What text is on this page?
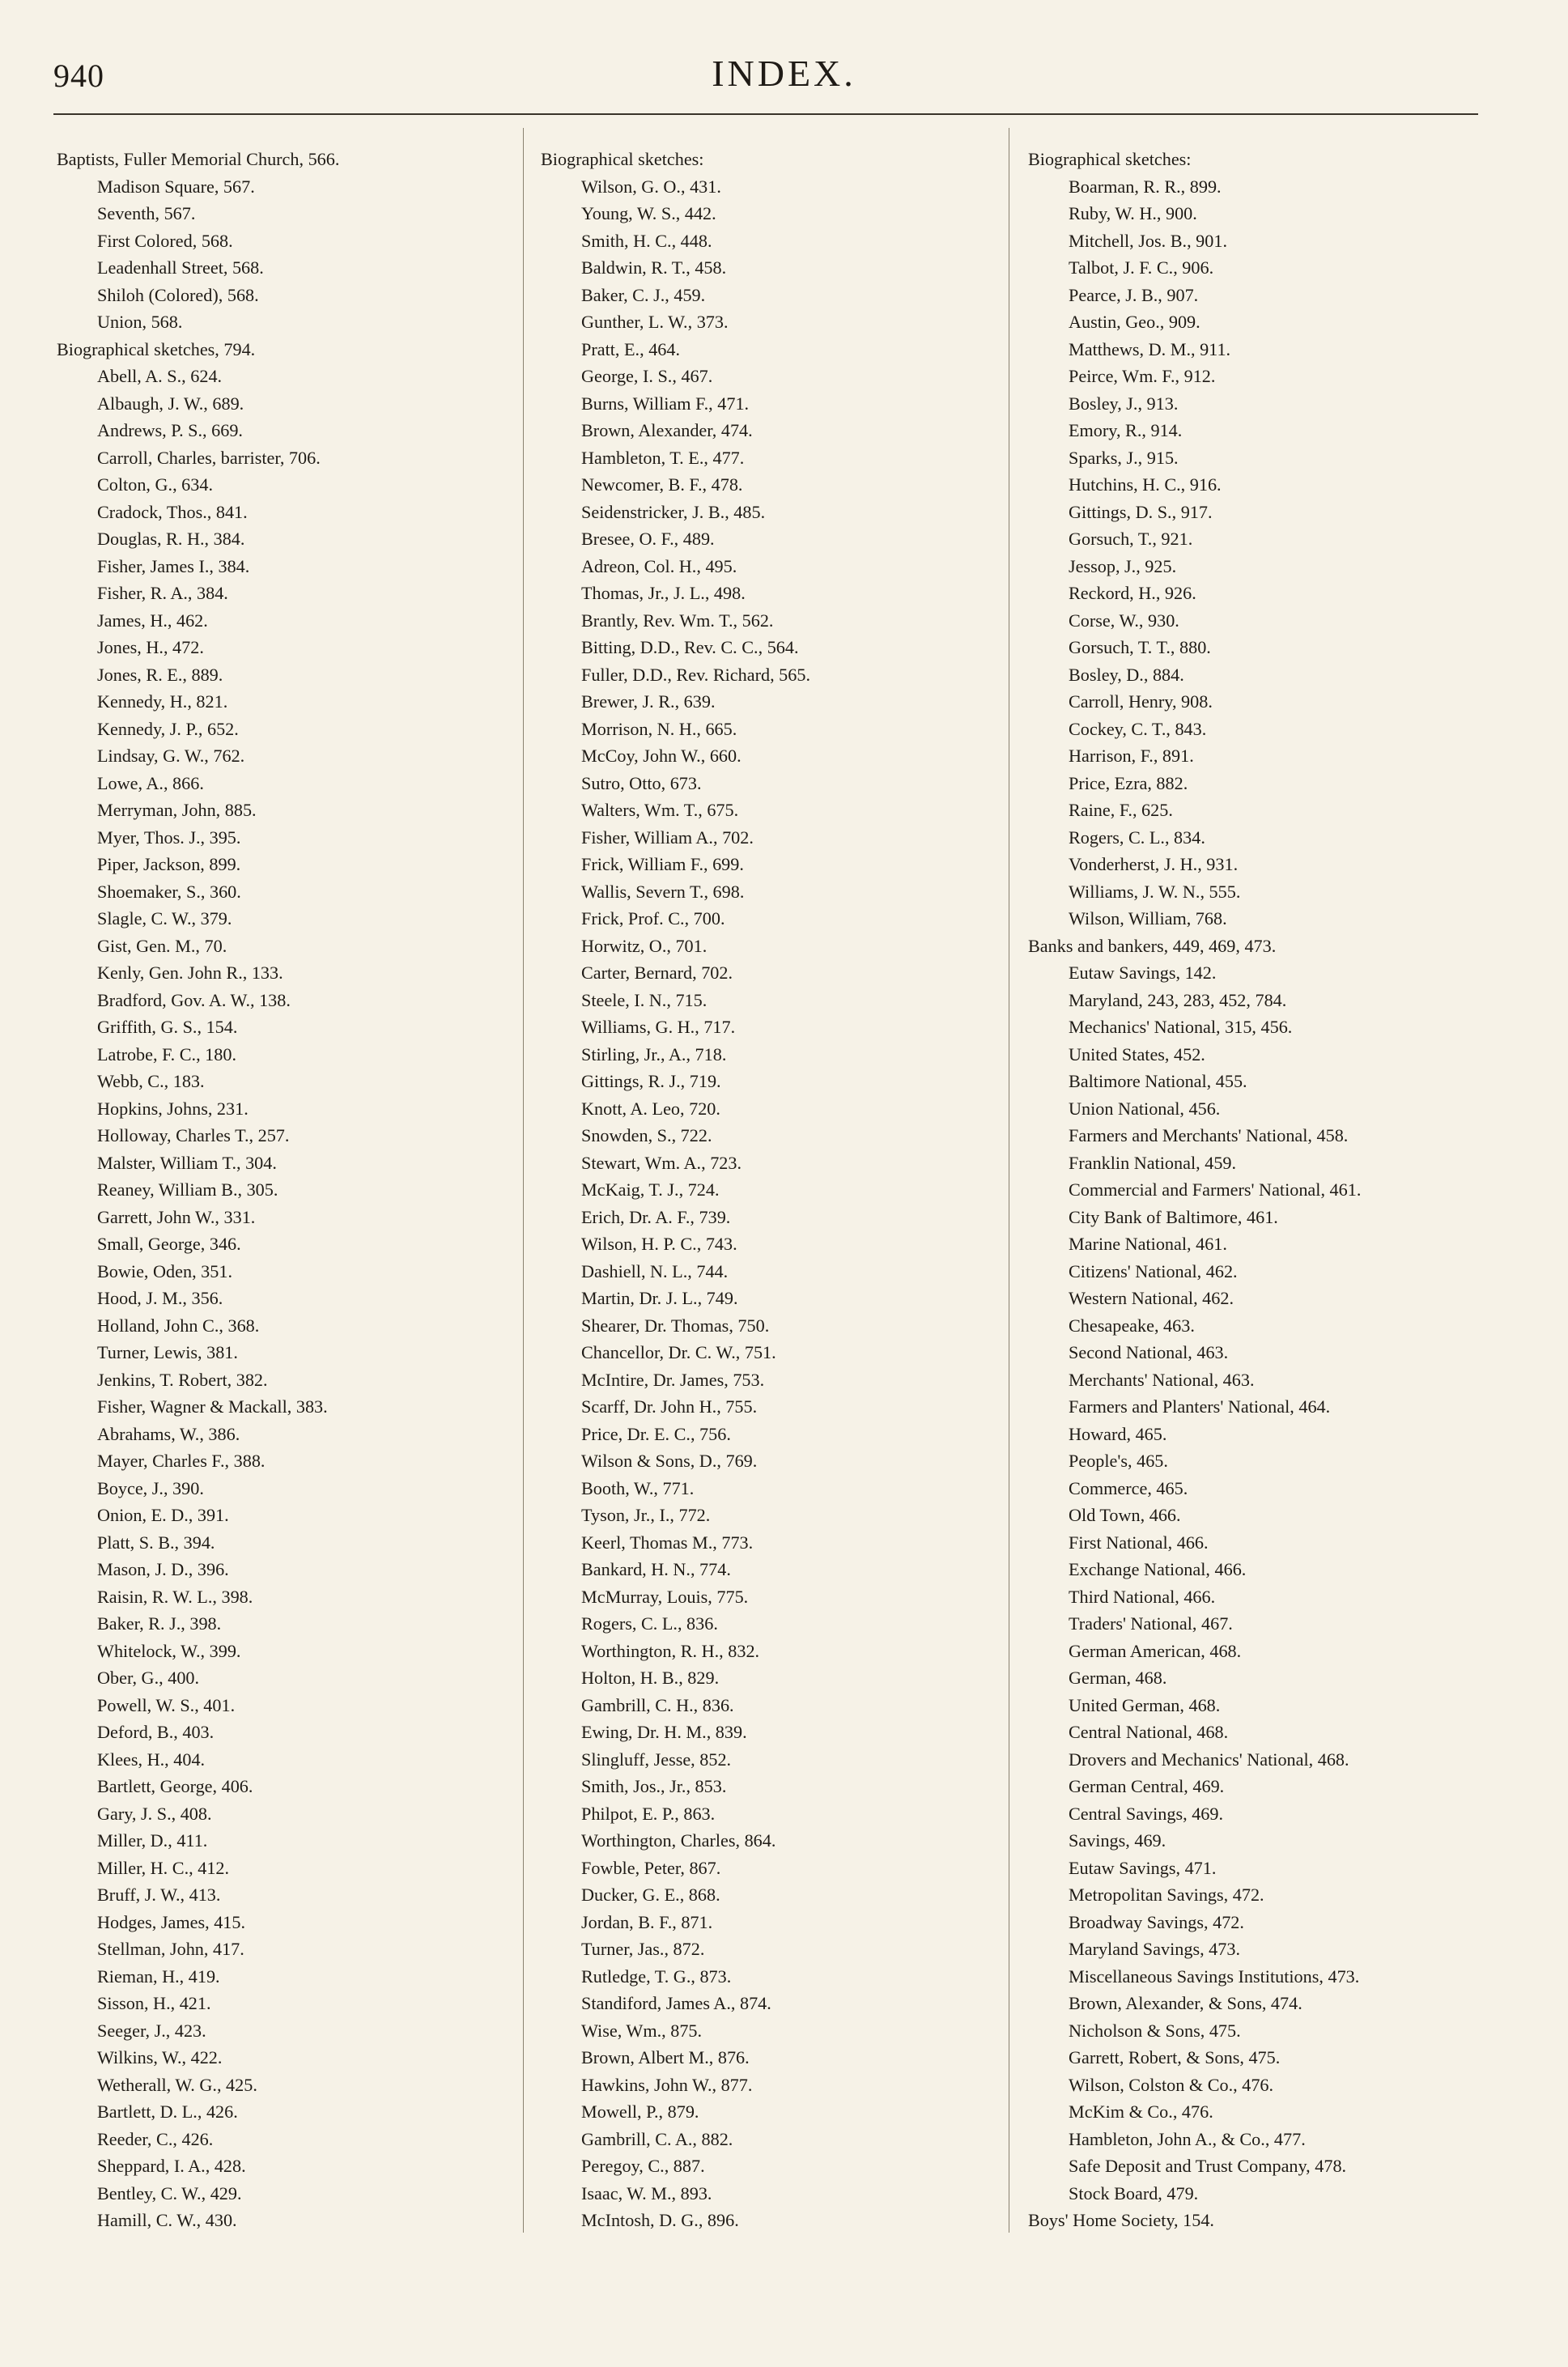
940	INDEX.
Baptists, Fuller Memorial Church, 566.
Madison Square, 567.
Seventh, 567.
First Colored, 568.
Leadenhall Street, 568.
Shiloh (Colored), 568.
Union, 568.
Biographical sketches, 794.
Abell, A. S., 624.
Albaugh, J. W., 689.
Andrews, P. S., 669.
Carroll, Charles, barrister, 706.
Colton, G., 634.
Cradock, Thos., 841.
Douglas, R. H., 384.
Fisher, James I., 384.
Fisher, R. A., 384.
James, H., 462.
Jones, H., 472.
Jones, R. E., 889.
Kennedy, H., 821.
Kennedy, J. P., 652.
Lindsay, G. W., 762.
Lowe, A., 866.
Merryman, John, 885.
Myer, Thos. J., 395.
Piper, Jackson, 899.
Shoemaker, S., 360.
Slagle, C. W., 379.
Gist, Gen. M., 70.
Kenly, Gen. John R., 133.
Bradford, Gov. A. W., 138.
Griffith, G. S., 154.
Latrobe, F. C., 180.
Webb, C., 183.
Hopkins, Johns, 231.
Holloway, Charles T., 257.
Malster, William T., 304.
Reaney, William B., 305.
Garrett, John W., 331.
Small, George, 346.
Bowie, Oden, 351.
Hood, J. M., 356.
Holland, John C., 368.
Turner, Lewis, 381.
Jenkins, T. Robert, 382.
Fisher, Wagner & Mackall, 383.
Abrahams, W., 386.
Mayer, Charles F., 388.
Boyce, J., 390.
Onion, E. D., 391.
Platt, S. B., 394.
Mason, J. D., 396.
Raisin, R. W. L., 398.
Baker, R. J., 398.
Whitelock, W., 399.
Ober, G., 400.
Powell, W. S., 401.
Deford, B., 403.
Klees, H., 404.
Bartlett, George, 406.
Gary, J. S., 408.
Miller, D., 411.
Miller, H. C., 412.
Bruff, J. W., 413.
Hodges, James, 415.
Stellman, John, 417.
Rieman, H., 419.
Sisson, H., 421.
Seeger, J., 423.
Wilkins, W., 422.
Wetherall, W. G., 425.
Bartlett, D. L., 426.
Reeder, C., 426.
Sheppard, I. A., 428.
Bentley, C. W., 429.
Hamill, C. W., 430.
Biographical sketches:
Wilson, G. O., 431.
Young, W. S., 442.
Smith, H. C., 448.
Baldwin, R. T., 458.
Baker, C. J., 459.
Gunther, L. W., 373.
Pratt, E., 464.
George, I. S., 467.
Burns, William F., 471.
Brown, Alexander, 474.
Hambleton, T. E., 477.
Newcomer, B. F., 478.
Seidenstricker, J. B., 485.
Bresee, O. F., 489.
Adreon, Col. H., 495.
Thomas, Jr., J. L., 498.
Brantly, Rev. Wm. T., 562.
Bitting, D.D., Rev. C. C., 564.
Fuller, D.D., Rev. Richard, 565.
Brewer, J. R., 639.
Morrison, N. H., 665.
McCoy, John W., 660.
Sutro, Otto, 673.
Walters, Wm. T., 675.
Fisher, William A., 702.
Frick, William F., 699.
Wallis, Severn T., 698.
Frick, Prof. C., 700.
Horwitz, O., 701.
Carter, Bernard, 702.
Steele, I. N., 715.
Williams, G. H., 717.
Stirling, Jr., A., 718.
Gittings, R. J., 719.
Knott, A. Leo, 720.
Snowden, S., 722.
Stewart, Wm. A., 723.
McKaig, T. J., 724.
Erich, Dr. A. F., 739.
Wilson, H. P. C., 743.
Dashiell, N. L., 744.
Martin, Dr. J. L., 749.
Shearer, Dr. Thomas, 750.
Chancellor, Dr. C. W., 751.
McIntire, Dr. James, 753.
Scarff, Dr. John H., 755.
Price, Dr. E. C., 756.
Wilson & Sons, D., 769.
Booth, W., 771.
Tyson, Jr., I., 772.
Keerl, Thomas M., 773.
Bankard, H. N., 774.
McMurray, Louis, 775.
Rogers, C. L., 836.
Worthington, R. H., 832.
Holton, H. B., 829.
Gambrill, C. H., 836.
Ewing, Dr. H. M., 839.
Slingluff, Jesse, 852.
Smith, Jos., Jr., 853.
Philpot, E. P., 863.
Worthington, Charles, 864.
Fowble, Peter, 867.
Ducker, G. E., 868.
Jordan, B. F., 871.
Turner, Jas., 872.
Rutledge, T. G., 873.
Standiford, James A., 874.
Wise, Wm., 875.
Brown, Albert M., 876.
Hawkins, John W., 877.
Mowell, P., 879.
Gambrill, C. A., 882.
Peregoy, C., 887.
Isaac, W. M., 893.
McIntosh, D. G., 896.
Biographical sketches:
Boarman, R. R., 899.
Ruby, W. H., 900.
Mitchell, Jos. B., 901.
Talbot, J. F. C., 906.
Pearce, J. B., 907.
Austin, Geo., 909.
Matthews, D. M., 911.
Peirce, Wm. F., 912.
Bosley, J., 913.
Emory, R., 914.
Sparks, J., 915.
Hutchins, H. C., 916.
Gittings, D. S., 917.
Gorsuch, T., 921.
Jessop, J., 925.
Reckord, H., 926.
Corse, W., 930.
Gorsuch, T. T., 880.
Bosley, D., 884.
Carroll, Henry, 908.
Cockey, C. T., 843.
Harrison, F., 891.
Price, Ezra, 882.
Raine, F., 625.
Rogers, C. L., 834.
Vonderherst, J. H., 931.
Williams, J. W. N., 555.
Wilson, William, 768.
Banks and bankers, 449, 469, 473.
Eutaw Savings, 142.
Maryland, 243, 283, 452, 784.
Mechanics' National, 315, 456.
United States, 452.
Baltimore National, 455.
Union National, 456.
Farmers and Merchants' National, 458.
Franklin National, 459.
Commercial and Farmers' National, 461.
City Bank of Baltimore, 461.
Marine National, 461.
Citizens' National, 462.
Western National, 462.
Chesapeake, 463.
Second National, 463.
Merchants' National, 463.
Farmers and Planters' National, 464.
Howard, 465.
People's, 465.
Commerce, 465.
Old Town, 466.
First National, 466.
Exchange National, 466.
Third National, 466.
Traders' National, 467.
German American, 468.
German, 468.
United German, 468.
Central National, 468.
Drovers and Mechanics' National, 468.
German Central, 469.
Central Savings, 469.
Savings, 469.
Eutaw Savings, 471.
Metropolitan Savings, 472.
Broadway Savings, 472.
Maryland Savings, 473.
Miscellaneous Savings Institutions, 473.
Brown, Alexander, & Sons, 474.
Nicholson & Sons, 475.
Garrett, Robert, & Sons, 475.
Wilson, Colston & Co., 476.
McKim & Co., 476.
Hambleton, John A., & Co., 477.
Safe Deposit and Trust Company, 478.
Stock Board, 479.
Boys' Home Society, 154.
